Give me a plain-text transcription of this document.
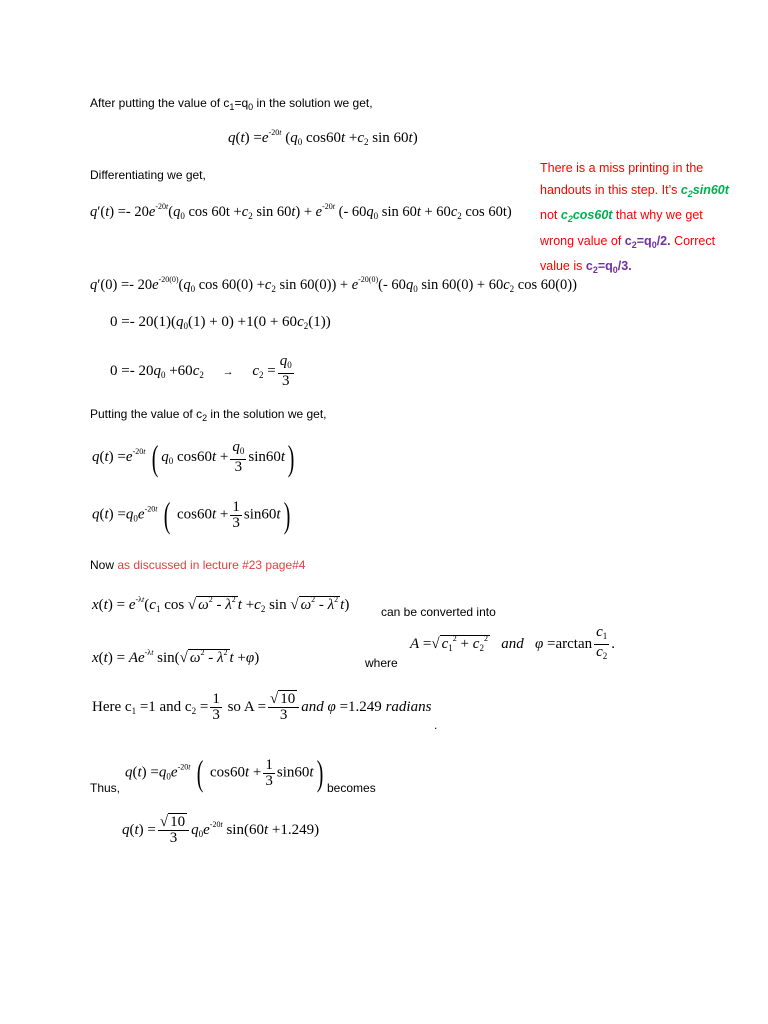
After putting the value of $c_1=q_0$ in the solution we get,
$q(t) =e^{-20t}$ ($q_0$ $\cos 60t +c_2$ sin 60t)
Differentiating we get,
$q'(t) =- 20e^{-20t}(q_0$ $\cos 60t +c_2$ $\sin 60t) + e^{-20t}$ (- $60q_0$ $\sin 60t + 60c_2$ cos 60t)
There is a miss printing in the handouts in this step. It’s $c_2\sin 60t$ not $c_2\cos 60t$ that why we get wrong value of $c_2=q_0/2$. Correct value is $c_2=q_0/3$.
$q'(0) =- 20e^{-20(0)}(q_0$ $\cos 60(0) +c_2$ $\sin 60(0)) + e^{-20(0)}(-$ $60q_0$ $\sin 60(0) + 60c_2$ cos 60(0))
$0 =- 20(1)(q_0(1) + 0) +1(0 + 60c_2(1))$
$0 =- 20q_0 +60c_2 \to c_2 = \frac{q_0}{3}$
Putting the value of $c_2$ in the solution we get,
$q(t) =e^{-20t}$ ( $q_0$ $\cos 60t + \frac{q_0}{3} \sin 60t$)
$q(t) =q_0e^{-20t}$ ( $\cos 60t + \frac{1}{3} \sin 60t$)
Now as discussed in lecture #23 page#4
$x(t) = e^{-\lambda t}(c_1$ cos √ $\omega^2 - \lambda^2$ $t +c_2$ sin √ $\omega^2 - \lambda^2$ t)	can be converted into
A =√ $c_1^2 + c_2^2$ and $\varphi =\arctan \frac{c_1}{c_2}$ .
$x(t) = Ae^{-\lambda t}$ sin(√ $\omega^2 - \lambda^2$ t +φ)	where
Here $c_1 =1$ and $c_2 = \frac{1}{3}$ so $A = \frac{√ 10}{3}$ and φ =1.249 radians
.
$q(t) =q_0e^{-20t}$ ( $\cos 60t + \frac{1}{3} \sin 60t$)
Thus,	becomes
$q(t) = \frac{√ 10}{3} q_0e^{-20t}$ sin(60t +1.249)
